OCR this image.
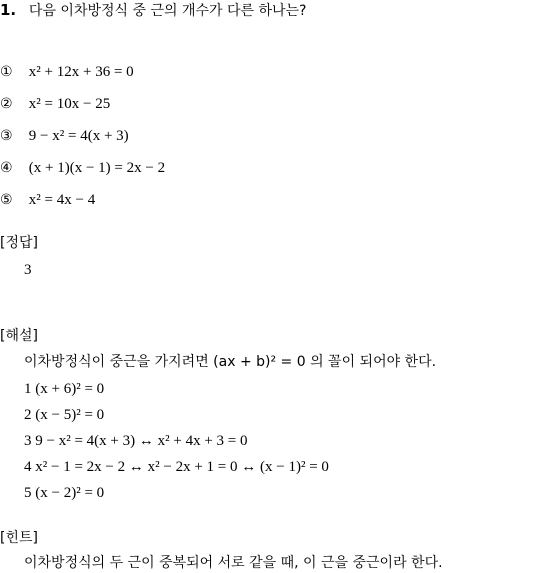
1. 다음 이차방정식 중 근의 개수가 다른 하나는?
① x² + 12x + 36 = 0
② x² = 10x − 25
③ 9 − x² = 4(x + 3)
④ (x + 1)(x − 1) = 2x − 2
⑤ x² = 4x − 4
[정답]
3
[해설]
이차방정식이 중근을 가지려면 (ax + b)² = 0 의 꼴이 되어야 한다.
1 (x + 6)² = 0
2 (x − 5)² = 0
3 9 − x² = 4(x + 3) ↔ x² + 4x + 3 = 0
4 x² − 1 = 2x − 2 ↔ x² − 2x + 1 = 0 ↔ (x − 1)² = 0
5 (x − 2)² = 0
[힌트]
이차방정식의 두 근이 중복되어 서로 같을 때, 이 근을 중근이라 한다.
